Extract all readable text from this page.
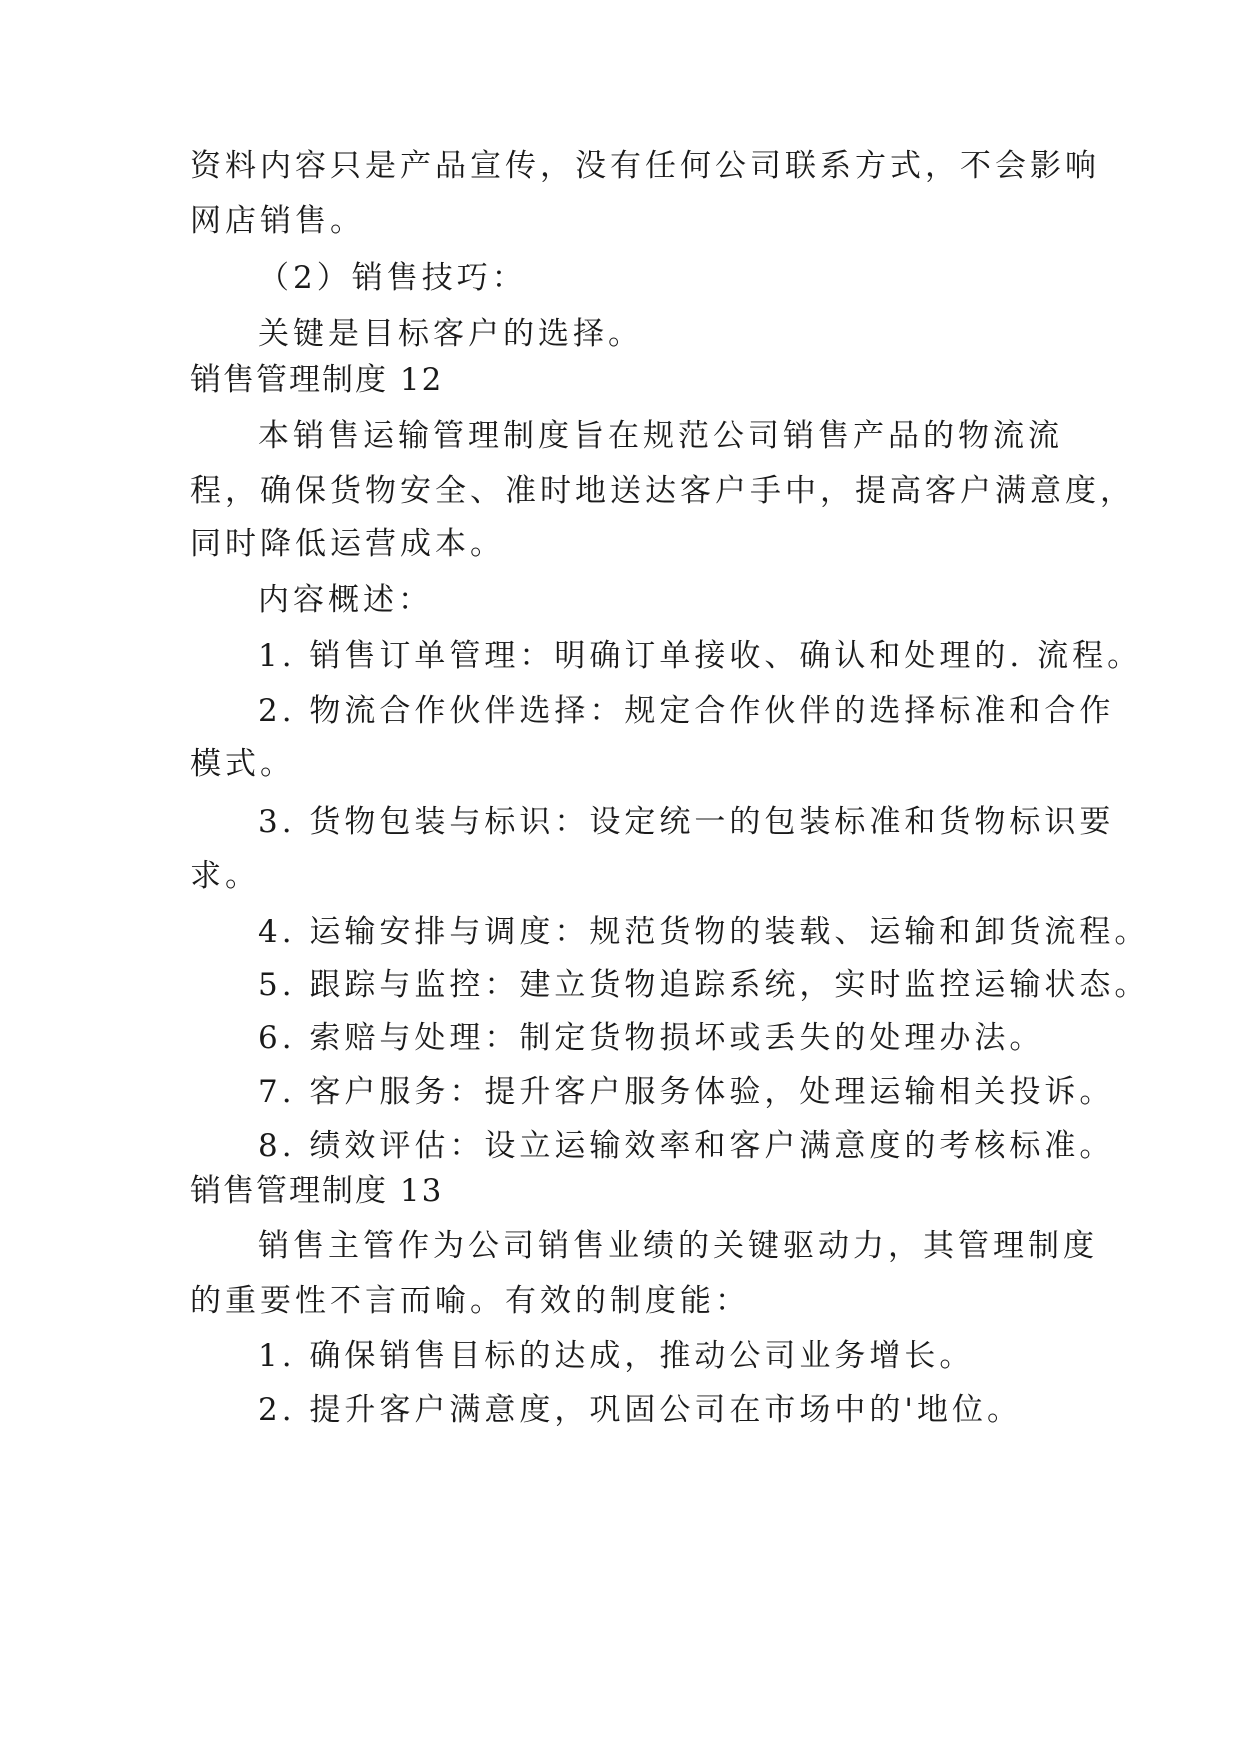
资料内容只是产品宣传，没有任何公司联系方式，不会影响
网店销售。
（2）销售技巧：
关键是目标客户的选择。
销售管理制度 12
本销售运输管理制度旨在规范公司销售产品的物流流
程，确保货物安全、准时地送达客户手中，提高客户满意度，
同时降低运营成本。
内容概述：
1. 销售订单管理：明确订单接收、确认和处理的. 流程。
2. 物流合作伙伴选择：规定合作伙伴的选择标准和合作
模式。
3. 货物包装与标识：设定统一的包装标准和货物标识要
求。
4. 运输安排与调度：规范货物的装载、运输和卸货流程。
5. 跟踪与监控：建立货物追踪系统，实时监控运输状态。
6. 索赔与处理：制定货物损坏或丢失的处理办法。
7. 客户服务：提升客户服务体验，处理运输相关投诉。
8. 绩效评估：设立运输效率和客户满意度的考核标准。
销售管理制度 13
销售主管作为公司销售业绩的关键驱动力，其管理制度
的重要性不言而喻。有效的制度能：
1. 确保销售目标的达成，推动公司业务增长。
2. 提升客户满意度，巩固公司在市场中的'地位。
